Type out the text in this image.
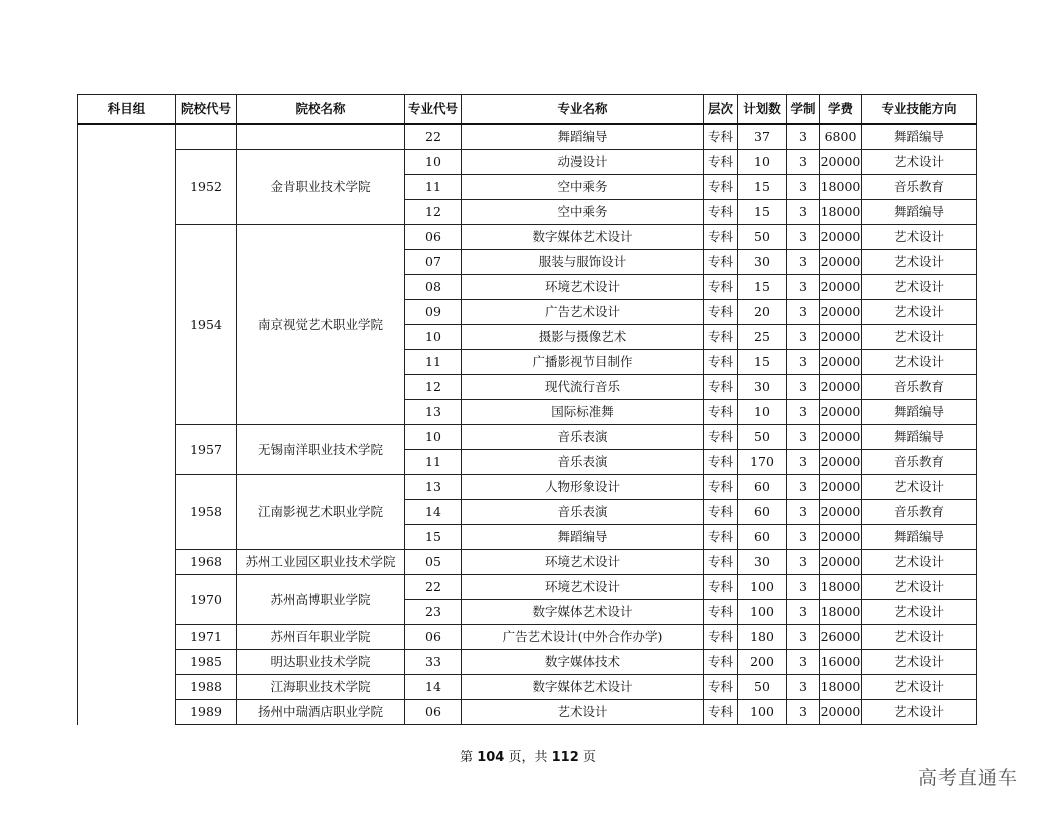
科目组	院校代号	院校名称	专业代号	专业名称	层次	计划数	学制	学费	专业技能方向
			22	舞蹈编导	专科	37	3	6800	舞蹈编导
	1952	金肯职业技术学院	10	动漫设计	专科	10	3	20000	艺术设计
			11	空中乘务	专科	15	3	18000	音乐教育
			12	空中乘务	专科	15	3	18000	舞蹈编导
	1954	南京视觉艺术职业学院	06	数字媒体艺术设计	专科	50	3	20000	艺术设计
			07	服装与服饰设计	专科	30	3	20000	艺术设计
			08	环境艺术设计	专科	15	3	20000	艺术设计
			09	广告艺术设计	专科	20	3	20000	艺术设计
			10	摄影与摄像艺术	专科	25	3	20000	艺术设计
			11	广播影视节目制作	专科	15	3	20000	艺术设计
			12	现代流行音乐	专科	30	3	20000	音乐教育
			13	国际标准舞	专科	10	3	20000	舞蹈编导
	1957	无锡南洋职业技术学院	10	音乐表演	专科	50	3	20000	舞蹈编导
			11	音乐表演	专科	170	3	20000	音乐教育
	1958	江南影视艺术职业学院	13	人物形象设计	专科	60	3	20000	艺术设计
			14	音乐表演	专科	60	3	20000	音乐教育
			15	舞蹈编导	专科	60	3	20000	舞蹈编导
	1968	苏州工业园区职业技术学院	05	环境艺术设计	专科	30	3	20000	艺术设计
	1970	苏州高博职业学院	22	环境艺术设计	专科	100	3	18000	艺术设计
			23	数字媒体艺术设计	专科	100	3	18000	艺术设计
	1971	苏州百年职业学院	06	广告艺术设计(中外合作办学)	专科	180	3	26000	艺术设计
	1985	明达职业技术学院	33	数字媒体技术	专科	200	3	16000	艺术设计
	1988	江海职业技术学院	14	数字媒体艺术设计	专科	50	3	18000	艺术设计
	1989	扬州中瑞酒店职业学院	06	艺术设计	专科	100	3	20000	艺术设计
第 104 页，共 112 页
高考直通车
